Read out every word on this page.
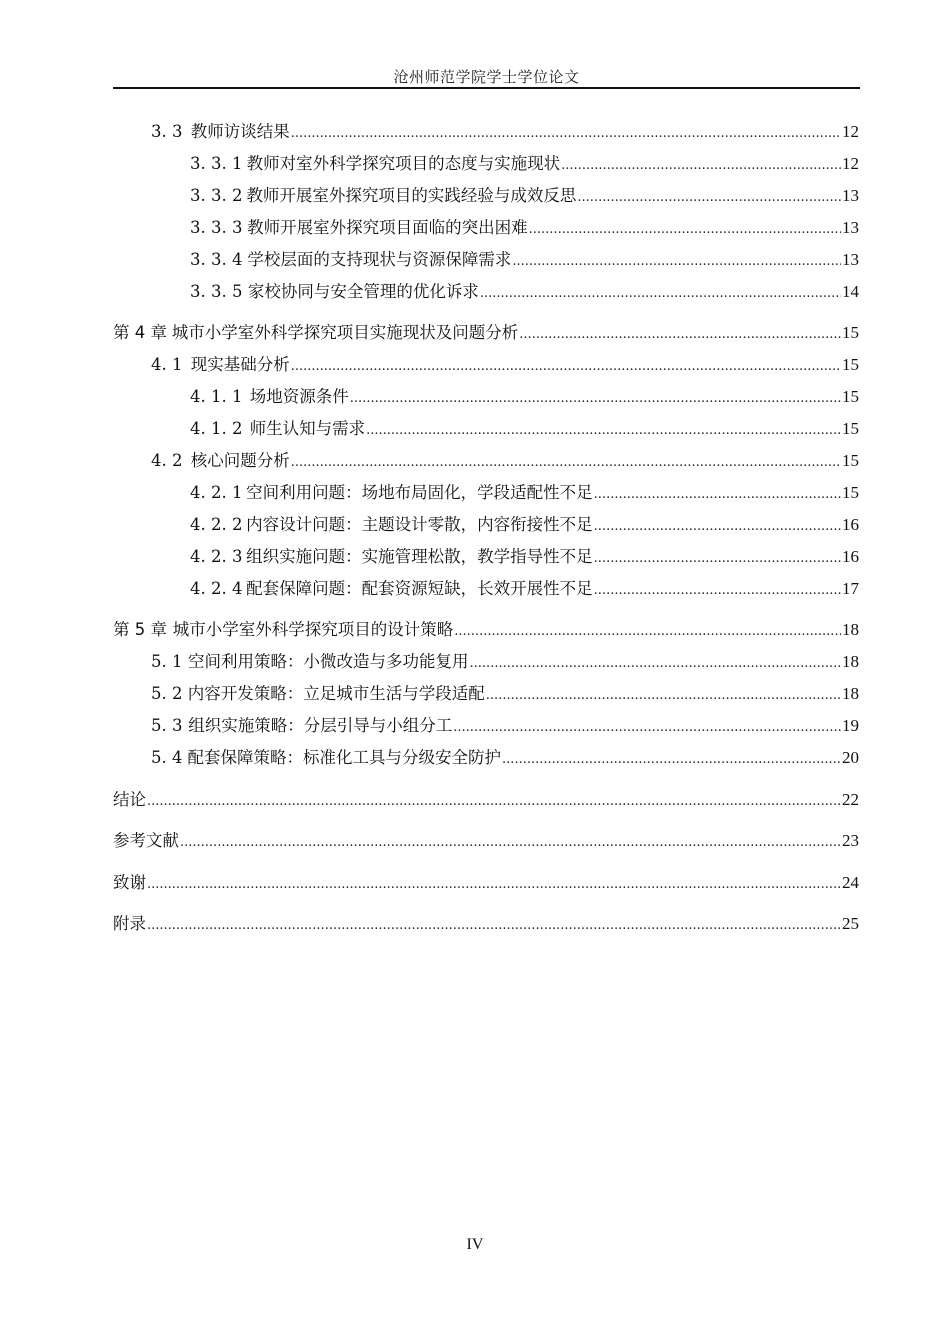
沧州师范学院学士学位论文
3. 3 教师访谈结果 .....	12
3. 3. 1 教师对室外科学探究项目的态度与实施现状 .....	12
3. 3. 2 教师开展室外探究项目的实践经验与成效反思 .....	13
3. 3. 3 教师开展室外探究项目面临的突出困难 .....	13
3. 3. 4 学校层面的支持现状与资源保障需求 .....	13
3. 3. 5 家校协同与安全管理的优化诉求 .....	14
第 4 章 城市小学室外科学探究项目实施现状及问题分析 .....	15
4. 1 现实基础分析 .....	15
4. 1. 1 场地资源条件 .....	15
4. 1. 2 师生认知与需求 .....	15
4. 2 核心问题分析 .....	15
4. 2. 1 空间利用问题：场地布局固化，学段适配性不足 .....	15
4. 2. 2 内容设计问题：主题设计零散，内容衔接性不足 .....	16
4. 2. 3 组织实施问题：实施管理松散，教学指导性不足 .....	16
4. 2. 4 配套保障问题：配套资源短缺，长效开展性不足 .....	17
第 5 章 城市小学室外科学探究项目的设计策略 .....	18
5. 1 空间利用策略：小微改造与多功能复用 .....	18
5. 2 内容开发策略：立足城市生活与学段适配 .....	18
5. 3 组织实施策略：分层引导与小组分工 .....	19
5. 4 配套保障策略：标准化工具与分级安全防护 .....	20
结论 .....	22
参考文献 .....	23
致谢 .....	24
附录 .....	25
IV
